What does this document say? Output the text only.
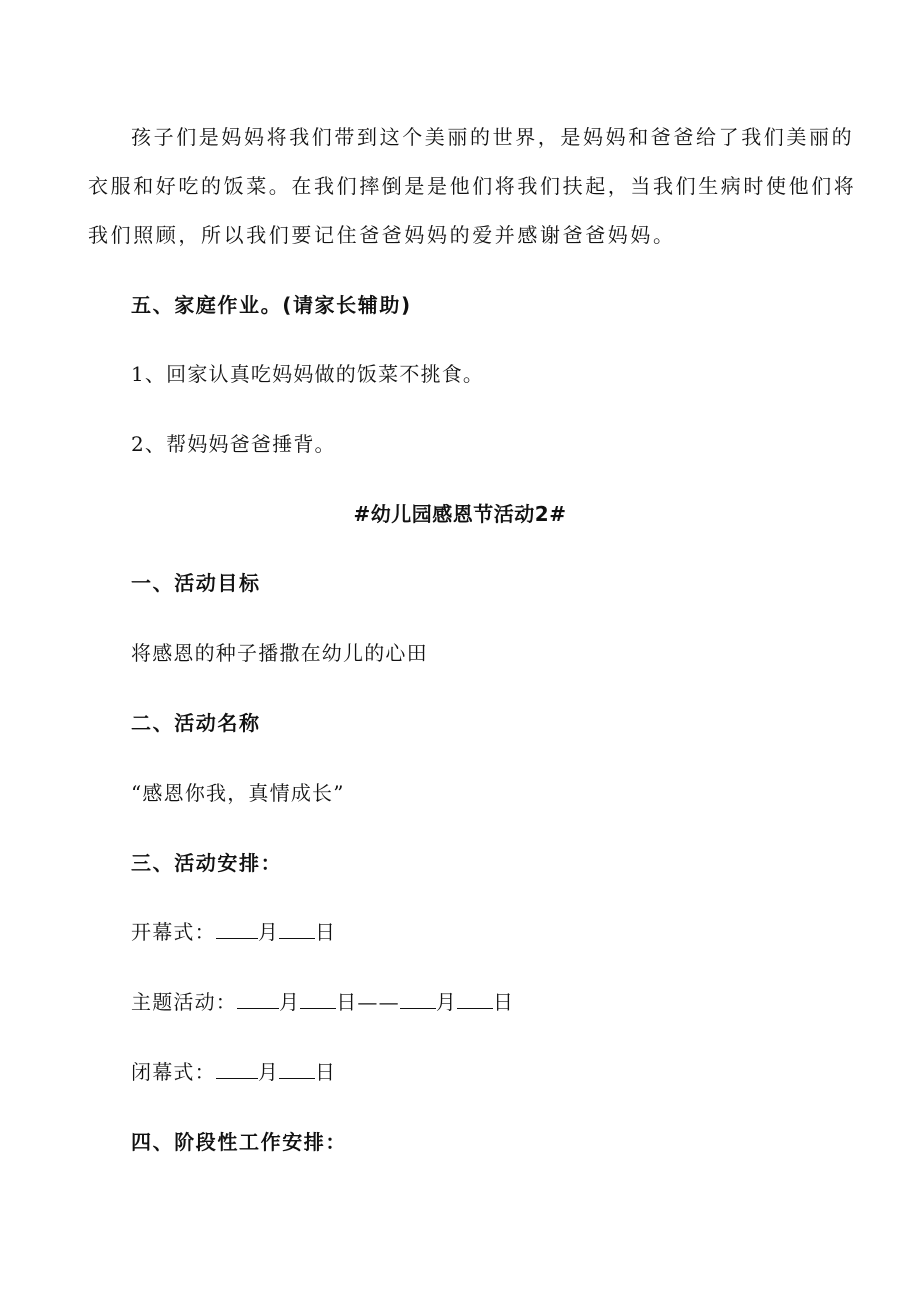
孩子们是妈妈将我们带到这个美丽的世界，是妈妈和爸爸给了我们美丽的
衣服和好吃的饭菜。在我们摔倒是是他们将我们扶起，当我们生病时使他们将
我们照顾，所以我们要记住爸爸妈妈的爱并感谢爸爸妈妈。
五、家庭作业。(请家长辅助)
1、回家认真吃妈妈做的饭菜不挑食。
2、帮妈妈爸爸捶背。
#幼儿园感恩节活动2#
一、活动目标
将感恩的种子播撒在幼儿的心田
二、活动名称
“感恩你我，真情成长”
三、活动安排：
开幕式： 月 日
主题活动： 月 日—— 月 日
闭幕式： 月 日
四、阶段性工作安排：
